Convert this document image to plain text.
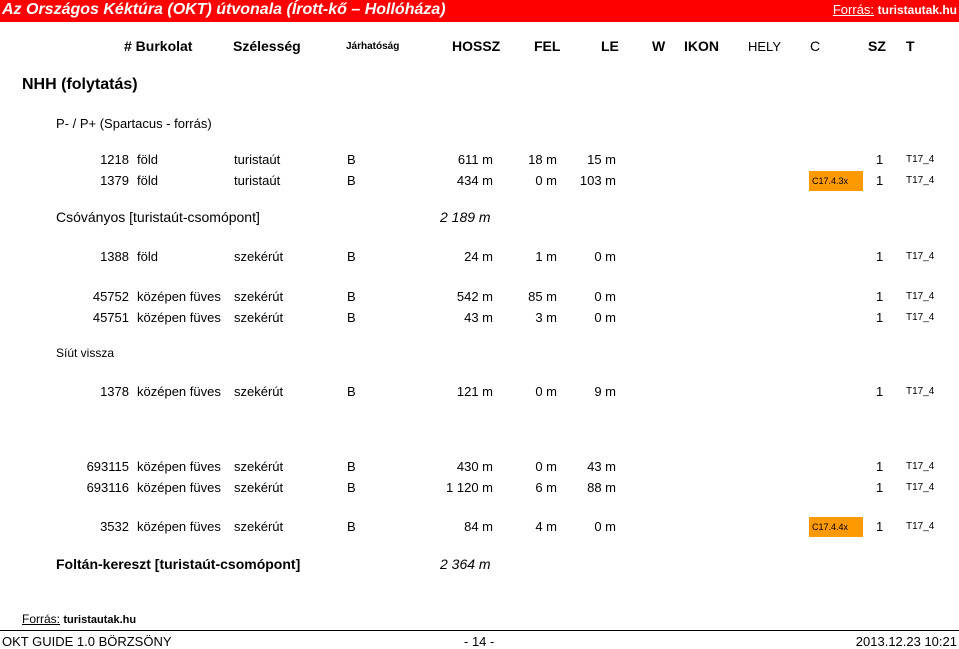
Az Országos Kéktúra (OKT) útvonala (Írott-kő – Hollóháza)	Forrás: turistautak.hu
# Burkolat	Szélesség	Járhatóság	HOSSZ FEL	LE W IKON HELY C	SZ T
NHH (folytatás)
P- / P+ (Spartacus - forrás)
Csóványos [turistaút-csomópont]	2 189 m
Síút vissza
Foltán-kereszt [turistaút-csomópont]	2 364 m
Forrás: turistautak.hu
OKT GUIDE 1.0 BÖRZSÖNY	- 14 -	2013.12.23 10:21
1218 föld	turistaút	B	611 m	18 m 15 m	1 T17_4
1379 föld	turistaút	B	434 m	0 m 103 m	C17.4.3x	1 T17_4
1388 föld	szekérút	B	24 m	1 m	0 m	1 T17_4
45752 középen füves szekérút	B	542 m	85 m	0 m	1 T17_4
45751 középen füves szekérút	B	43 m	3 m	0 m	1 T17_4
1378 középen füves szekérút	B	121 m	0 m	9 m	1 T17_4
693115 középen füves szekérút	B	430 m	0 m 43 m	1 T17_4
693116 középen füves szekérút	B	1 120 m	6 m 88 m	1 T17_4
3532 középen füves szekérút	B	84 m	4 m	0 m	C17.4.4x	1 T17_4
